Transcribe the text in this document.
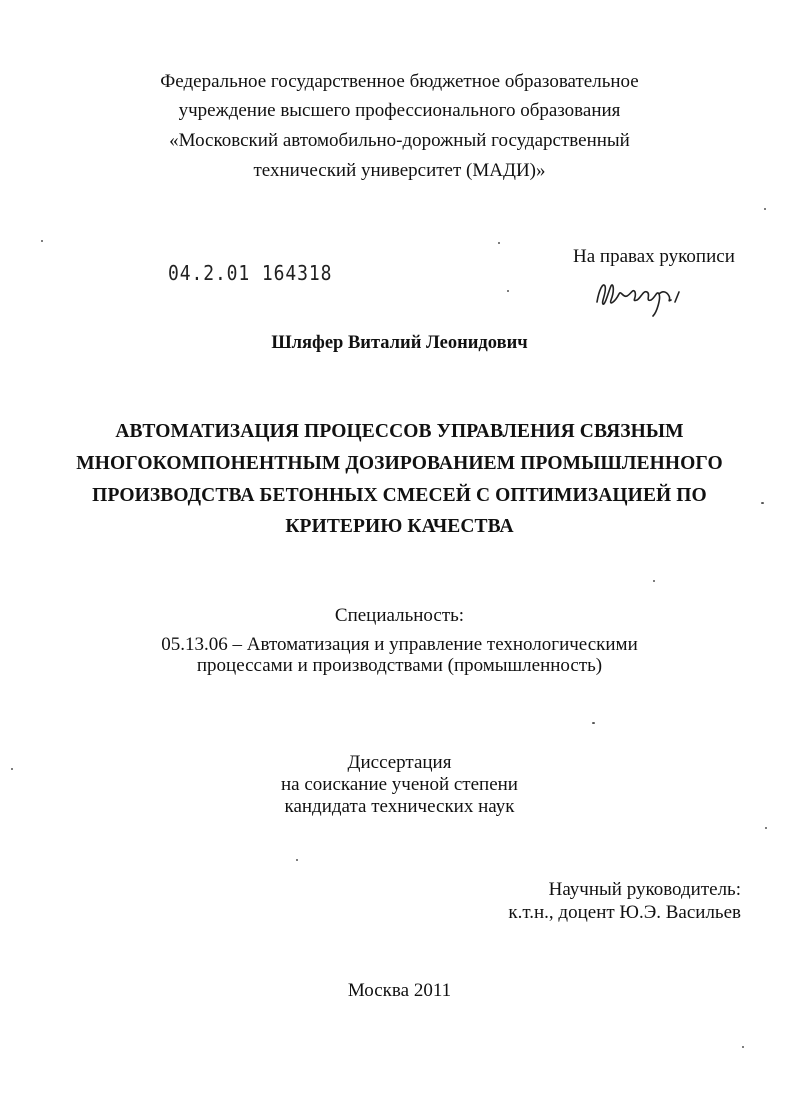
Федеральное государственное бюджетное образовательное
учреждение высшего профессионального образования
«Московский автомобильно-дорожный государственный
технический университет (МАДИ)»
04.2.01 164318
На правах рукописи
Шляфер Виталий Леонидович
АВТОМАТИЗАЦИЯ ПРОЦЕССОВ УПРАВЛЕНИЯ СВЯЗНЫМ
МНОГОКОМПОНЕНТНЫМ ДОЗИРОВАНИЕМ ПРОМЫШЛЕННОГО
ПРОИЗВОДСТВА БЕТОННЫХ СМЕСЕЙ С ОПТИМИЗАЦИЕЙ ПО
КРИТЕРИЮ КАЧЕСТВА
Специальность:
05.13.06 – Автоматизация и управление технологическими
процессами и производствами (промышленность)
Диссертация
на соискание ученой степени
кандидата технических наук
Научный руководитель:
к.т.н., доцент Ю.Э. Васильев
Москва 2011
